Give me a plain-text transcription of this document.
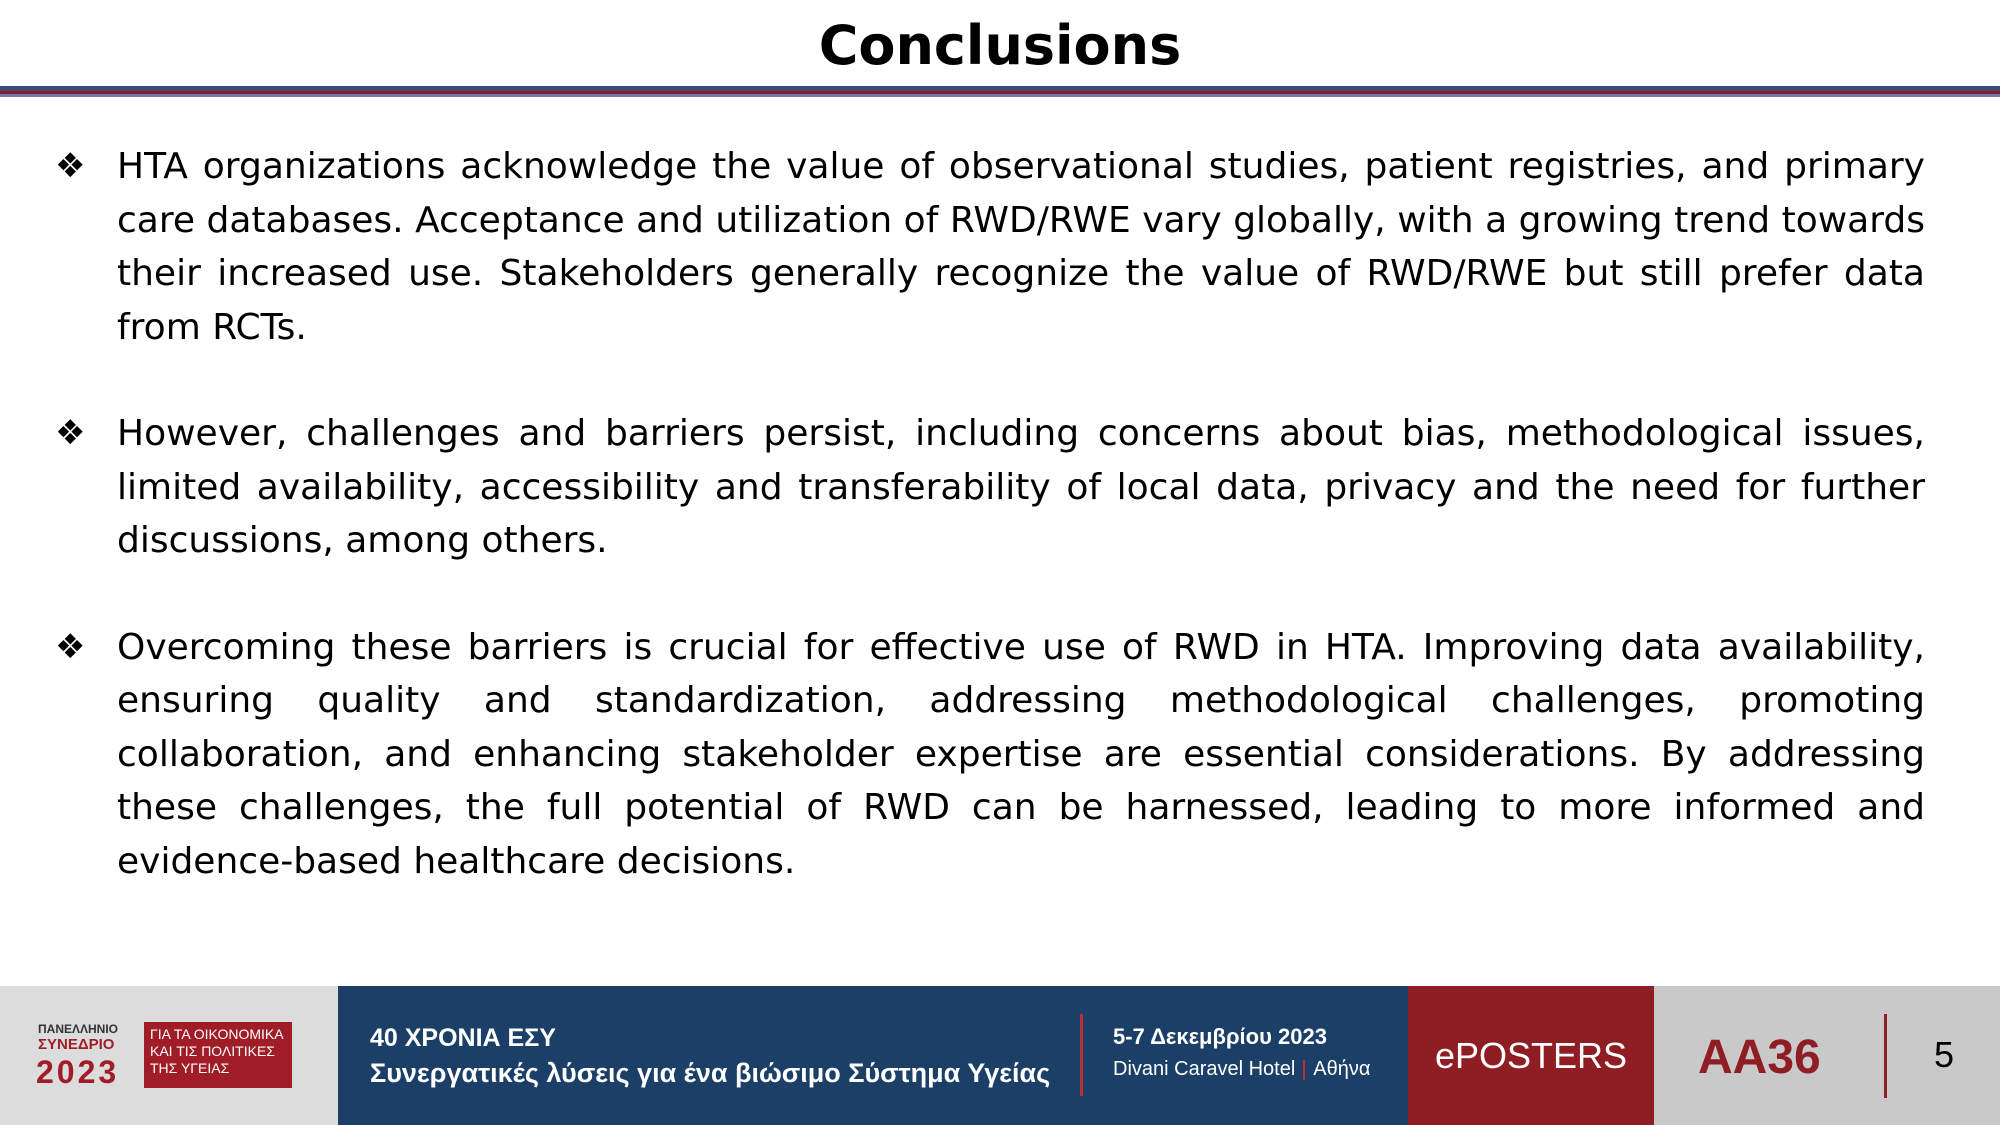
Conclusions
❖ HTA organizations acknowledge the value of observational studies, patient registries, and primary care databases. Acceptance and utilization of RWD/RWE vary globally, with a growing trend towards their increased use. Stakeholders generally recognize the value of RWD/RWE but still prefer data from RCTs.
❖ However, challenges and barriers persist, including concerns about bias, methodological issues, limited availability, accessibility and transferability of local data, privacy and the need for further discussions, among others.
❖ Overcoming these barriers is crucial for effective use of RWD in HTA. Improving data availability, ensuring quality and standardization, addressing methodological challenges, promoting collaboration, and enhancing stakeholder expertise are essential considerations. By addressing these challenges, the full potential of RWD can be harnessed, leading to more informed and evidence-based healthcare decisions.
ΠΑΝΕΛΛΗΝΙΟ
ΣΥΝΕΔΡΙΟ
2023
ΓΙΑ ΤΑ ΟΙΚΟΝΟΜΙΚΑ
ΚΑΙ ΤΙΣ ΠΟΛΙΤΙΚΕΣ
ΤΗΣ ΥΓΕΙΑΣ
40 ΧΡΟΝΙΑ ΕΣΥ
Συνεργατικές λύσεις για ένα βιώσιμο Σύστημα Υγείας
5-7 Δεκεμβρίου 2023
Divani Caravel Hotel Αθήνα	ePOSTERS	AA36	5
